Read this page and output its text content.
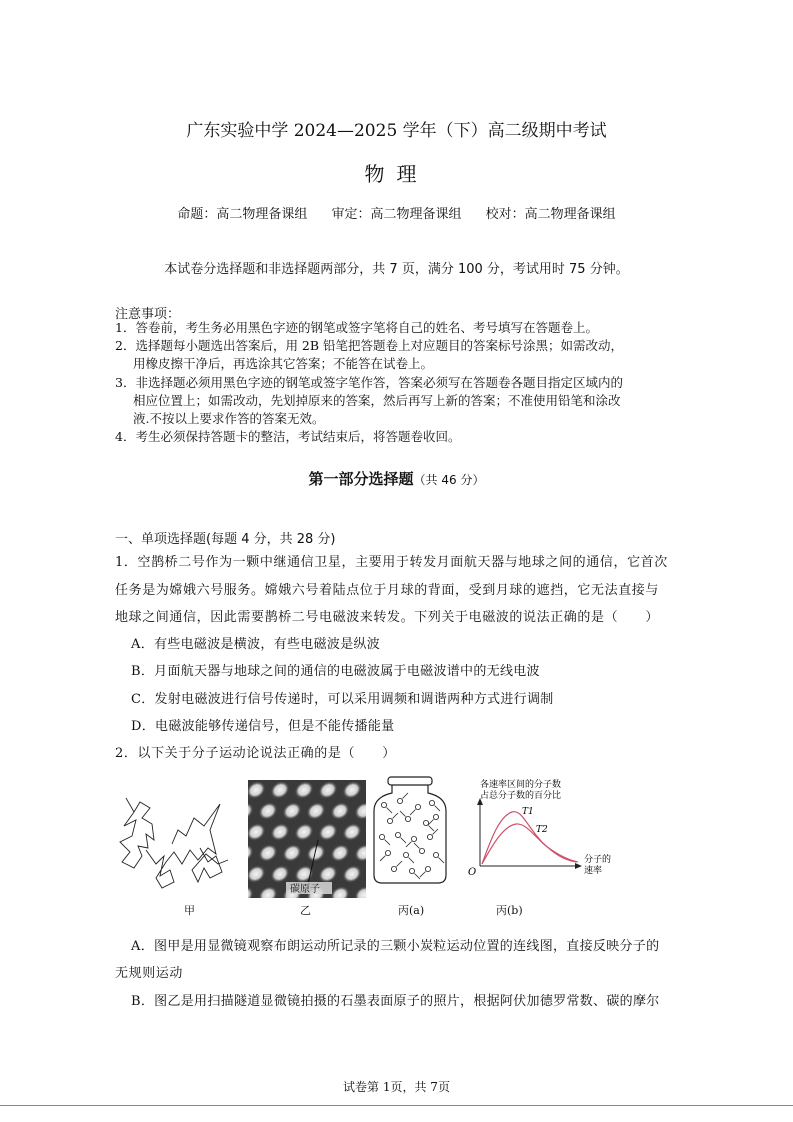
广东实验中学 2024—2025 学年（下）高二级期中考试
物理
命题：高二物理备课组 审定：高二物理备课组 校对：高二物理备课组
本试卷分选择题和非选择题两部分，共 7 页，满分 100 分，考试用时 75 分钟。
注意事项：
1．答卷前，考生务必用黑色字迹的钢笔或签字笔将自己的姓名、考号填写在答题卷上。
2．选择题每小题选出答案后，用 2B 铅笔把答题卷上对应题目的答案标号涂黑；如需改动，
用橡皮擦干净后，再选涂其它答案；不能答在试卷上。
3．非选择题必须用黑色字迹的钢笔或签字笔作答，答案必须写在答题卷各题目指定区域内的
相应位置上；如需改动，先划掉原来的答案，然后再写上新的答案；不准使用铅笔和涂改
液.不按以上要求作答的答案无效。
4．考生必须保持答题卡的整洁，考试结束后，将答题卷收回。
第一部分选择题（共 46 分）
一、单项选择题(每题 4 分，共 28 分)
1．空鹊桥二号作为一颗中继通信卫星，主要用于转发月面航天器与地球之间的通信，它首次
任务是为嫦娥六号服务。嫦娥六号着陆点位于月球的背面，受到月球的遮挡，它无法直接与
地球之间通信，因此需要鹊桥二号电磁波来转发。下列关于电磁波的说法正确的是（　　）
A．有些电磁波是横波，有些电磁波是纵波
B．月面航天器与地球之间的通信的电磁波属于电磁波谱中的无线电波
C．发射电磁波进行信号传递时，可以采用调频和调谐两种方式进行调制
D．电磁波能够传递信号，但是不能传播能量
2．以下关于分子运动论说法正确的是（　　）
碳原子
各速率区间的分子数
占总分子数的百分比
T1
T2
O
分子的
速率
甲	乙	丙(a)	丙(b)
A．图甲是用显微镜观察布朗运动所记录的三颗小炭粒运动位置的连线图，直接反映分子的
无规则运动
B．图乙是用扫描隧道显微镜拍摄的石墨表面原子的照片，根据阿伏加德罗常数、碳的摩尔
试卷第 1页，共 7页
